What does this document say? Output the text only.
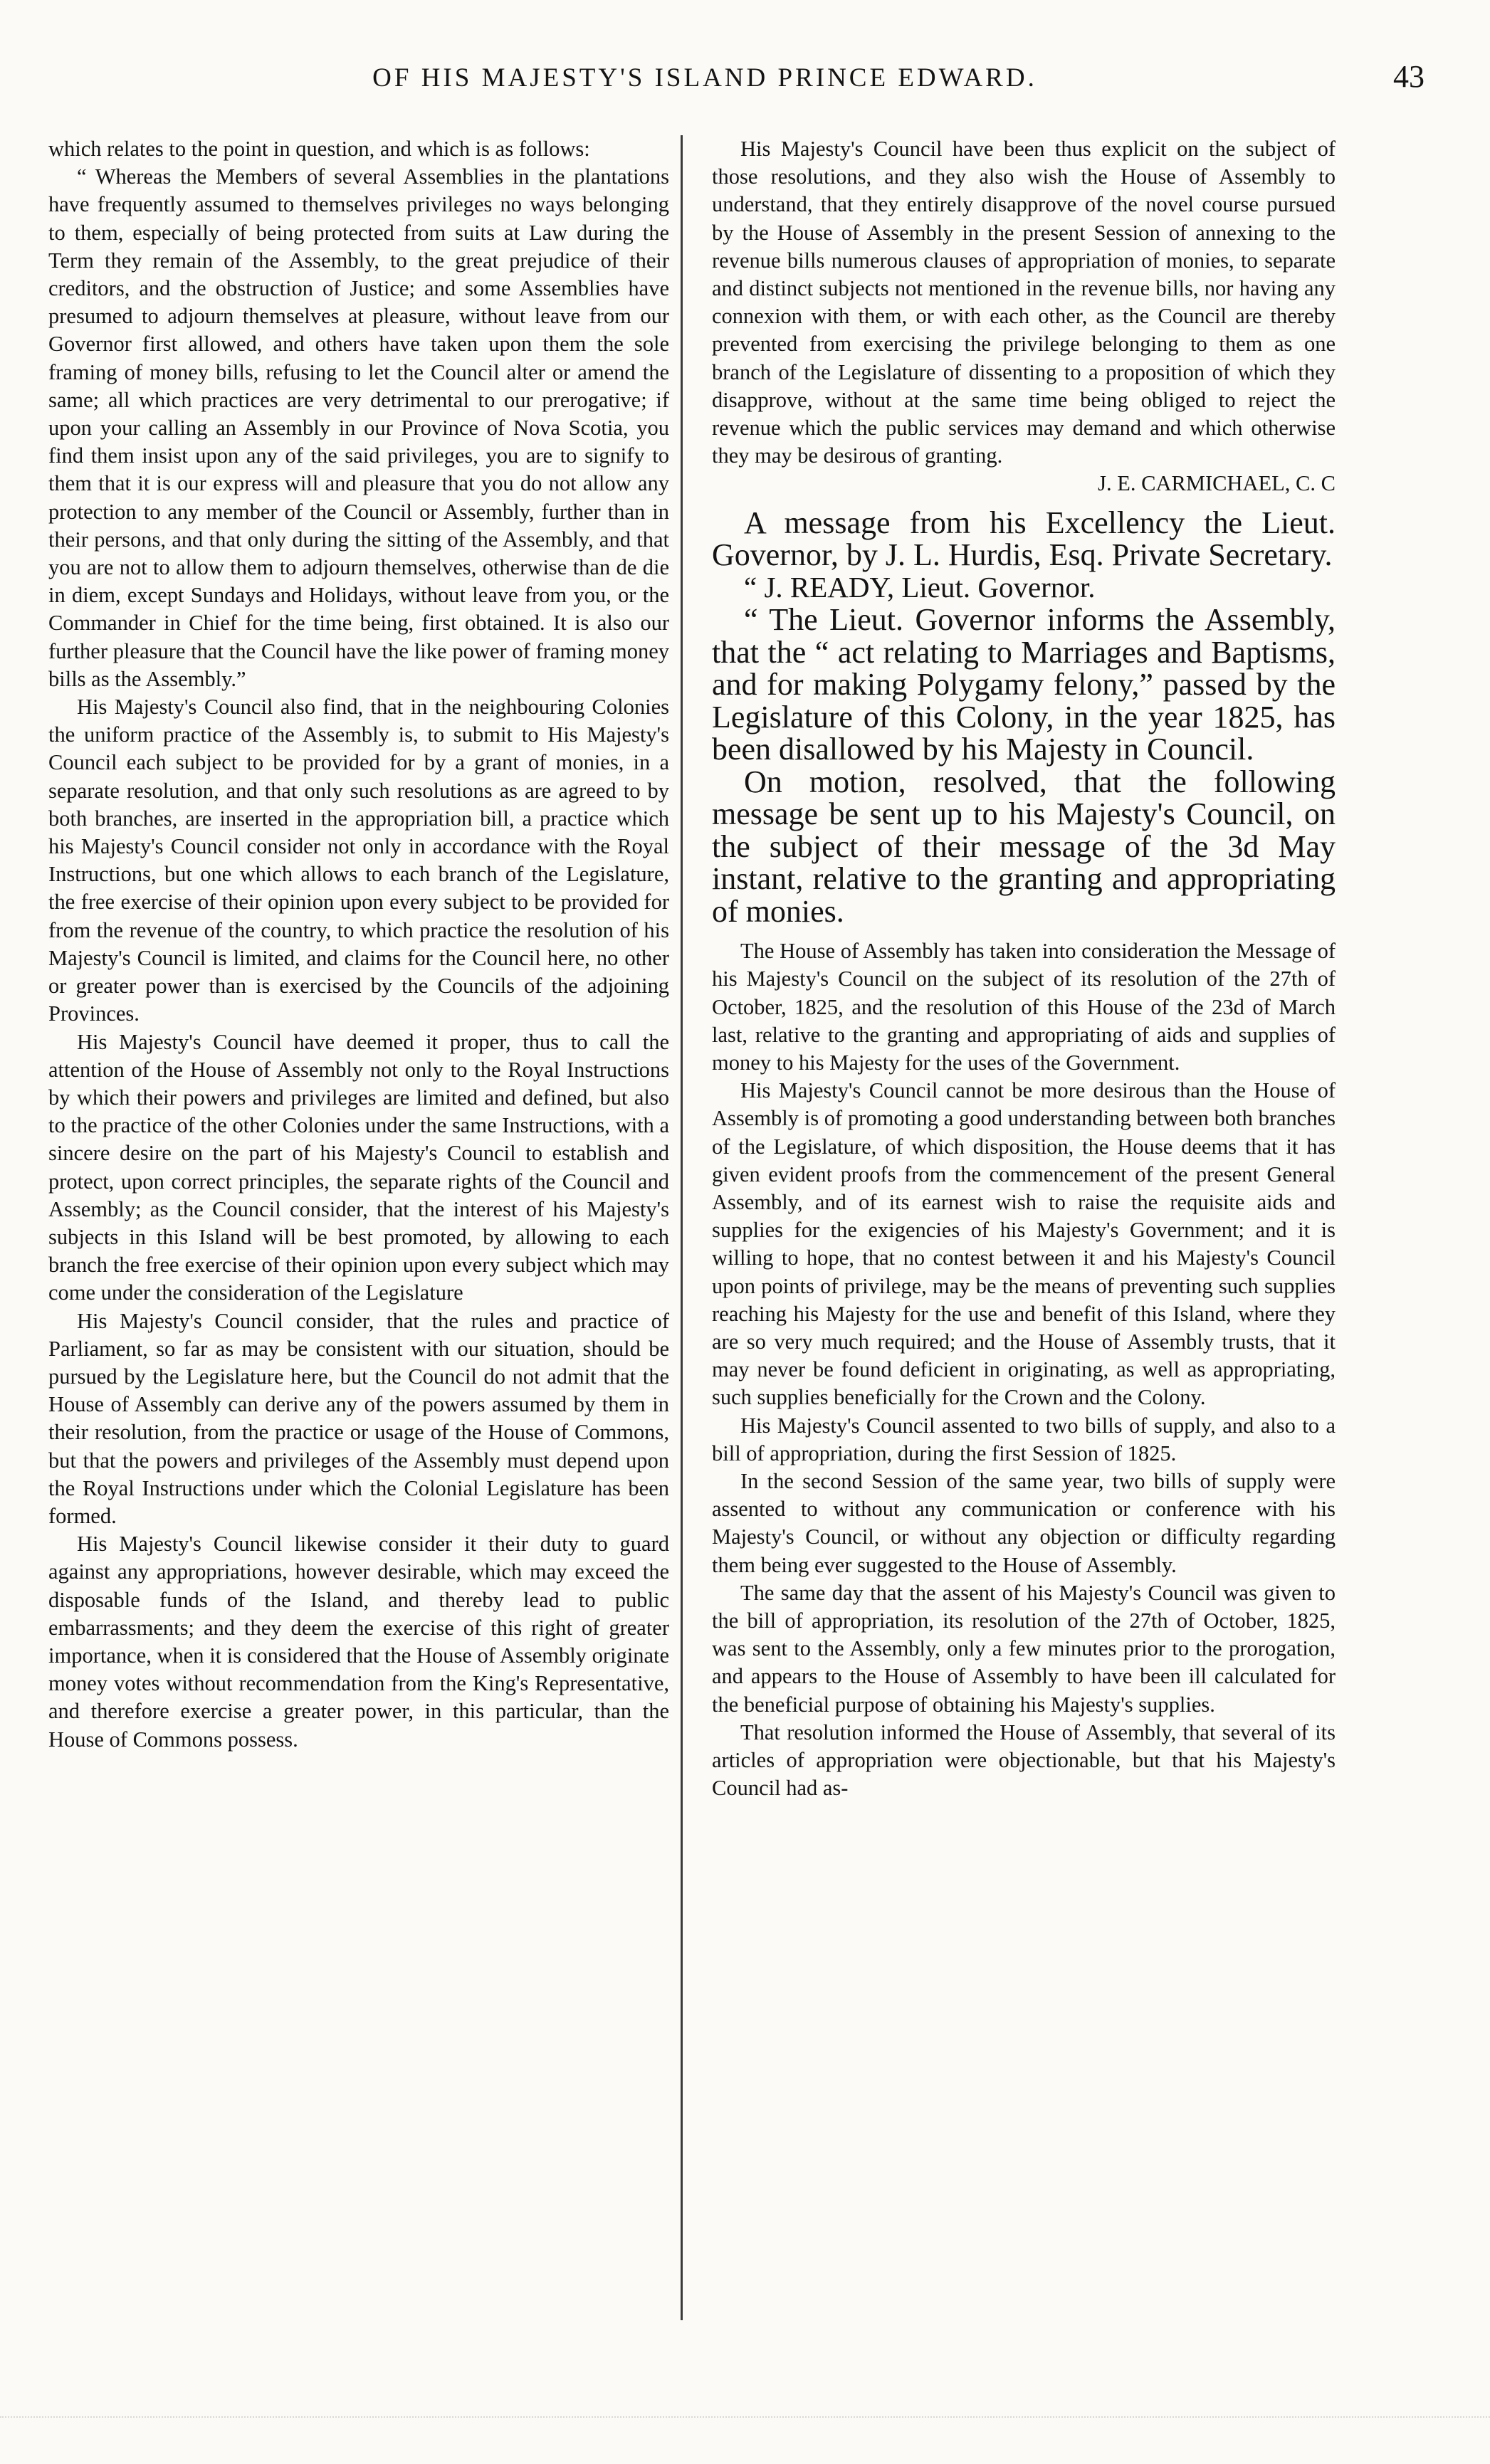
OF HIS MAJESTY'S ISLAND PRINCE EDWARD.	43

which relates to the point in question, and which is as follows:

“ Whereas the Members of several Assemblies in the plantations have frequently assumed to themselves privileges no ways belonging to them, especially of being protected from suits at Law during the Term they remain of the Assembly, to the great prejudice of their creditors, and the obstruction of Justice; and some Assemblies have presumed to adjourn themselves at pleasure, without leave from our Governor first allowed, and others have taken upon them the sole framing of money bills, refusing to let the Council alter or amend the same; all which practices are very detrimental to our prerogative; if upon your calling an Assembly in our Province of Nova Scotia, you find them insist upon any of the said privileges, you are to signify to them that it is our express will and pleasure that you do not allow any protection to any member of the Council or Assembly, further than in their persons, and that only during the sitting of the Assembly, and that you are not to allow them to adjourn themselves, otherwise than de die in diem, except Sundays and Holidays, without leave from you, or the Commander in Chief for the time being, first obtained. It is also our further pleasure that the Council have the like power of framing money bills as the Assembly.”

His Majesty's Council also find, that in the neighbouring Colonies the uniform practice of the Assembly is, to submit to His Majesty's Council each subject to be provided for by a grant of monies, in a separate resolution, and that only such resolutions as are agreed to by both branches, are inserted in the appropriation bill, a practice which his Majesty's Council consider not only in accordance with the Royal Instructions, but one which allows to each branch of the Legislature, the free exercise of their opinion upon every subject to be provided for from the revenue of the country, to which practice the resolution of his Majesty's Council is limited, and claims for the Council here, no other or greater power than is exercised by the Councils of the adjoining Provinces.

His Majesty's Council have deemed it proper, thus to call the attention of the House of Assembly not only to the Royal Instructions by which their powers and privileges are limited and defined, but also to the practice of the other Colonies under the same Instructions, with a sincere desire on the part of his Majesty's Council to establish and protect, upon correct principles, the separate rights of the Council and Assembly; as the Council consider, that the interest of his Majesty's subjects in this Island will be best promoted, by allowing to each branch the free exercise of their opinion upon every subject which may come under the consideration of the Legislature

His Majesty's Council consider, that the rules and practice of Parliament, so far as may be consistent with our situation, should be pursued by the Legislature here, but the Council do not admit that the House of Assembly can derive any of the powers assumed by them in their resolution, from the practice or usage of the House of Commons, but that the powers and privileges of the Assembly must depend upon the Royal Instructions under which the Colonial Legislature has been formed.

His Majesty's Council likewise consider it their duty to guard against any appropriations, however desirable, which may exceed the disposable funds of the Island, and thereby lead to public embarrassments; and they deem the exercise of this right of greater importance, when it is considered that the House of Assembly originate money votes without recommendation from the King's Representative, and therefore exercise a greater power, in this particular, than the House of Commons possess.

His Majesty's Council have been thus explicit on the subject of those resolutions, and they also wish the House of Assembly to understand, that they entirely disapprove of the novel course pursued by the House of Assembly in the present Session of annexing to the revenue bills numerous clauses of appropriation of monies, to separate and distinct subjects not mentioned in the revenue bills, nor having any connexion with them, or with each other, as the Council are thereby prevented from exercising the privilege belonging to them as one branch of the Legislature of dissenting to a proposition of which they disapprove, without at the same time being obliged to reject the revenue which the public services may demand and which otherwise they may be desirous of granting.

J. E. CARMICHAEL, C. C

A message from his Excellency the Lieut. Governor, by J. L. Hurdis, Esq. Private Secretary.

“ J. READY, Lieut. Governor.

“ The Lieut. Governor informs the Assembly, that the “ act relating to Marriages and Baptisms, and for making Polygamy felony,” passed by the Legislature of this Colony, in the year 1825, has been disallowed by his Majesty in Council.

On motion, resolved, that the following message be sent up to his Majesty's Council, on the subject of their message of the 3d May instant, relative to the granting and appropriating of monies.

The House of Assembly has taken into consideration the Message of his Majesty's Council on the subject of its resolution of the 27th of October, 1825, and the resolution of this House of the 23d of March last, relative to the granting and appropriating of aids and supplies of money to his Majesty for the uses of the Government.

His Majesty's Council cannot be more desirous than the House of Assembly is of promoting a good understanding between both branches of the Legislature, of which disposition, the House deems that it has given evident proofs from the commencement of the present General Assembly, and of its earnest wish to raise the requisite aids and supplies for the exigencies of his Majesty's Government; and it is willing to hope, that no contest between it and his Majesty's Council upon points of privilege, may be the means of preventing such supplies reaching his Majesty for the use and benefit of this Island, where they are so very much required; and the House of Assembly trusts, that it may never be found deficient in originating, as well as appropriating, such supplies beneficially for the Crown and the Colony.

His Majesty's Council assented to two bills of supply, and also to a bill of appropriation, during the first Session of 1825.

In the second Session of the same year, two bills of supply were assented to without any communication or conference with his Majesty's Council, or without any objection or difficulty regarding them being ever suggested to the House of Assembly.

The same day that the assent of his Majesty's Council was given to the bill of appropriation, its resolution of the 27th of October, 1825, was sent to the Assembly, only a few minutes prior to the prorogation, and appears to the House of Assembly to have been ill calculated for the beneficial purpose of obtaining his Majesty's supplies.

That resolution informed the House of Assembly, that several of its articles of appropriation were objectionable, but that his Majesty's Council had as-
